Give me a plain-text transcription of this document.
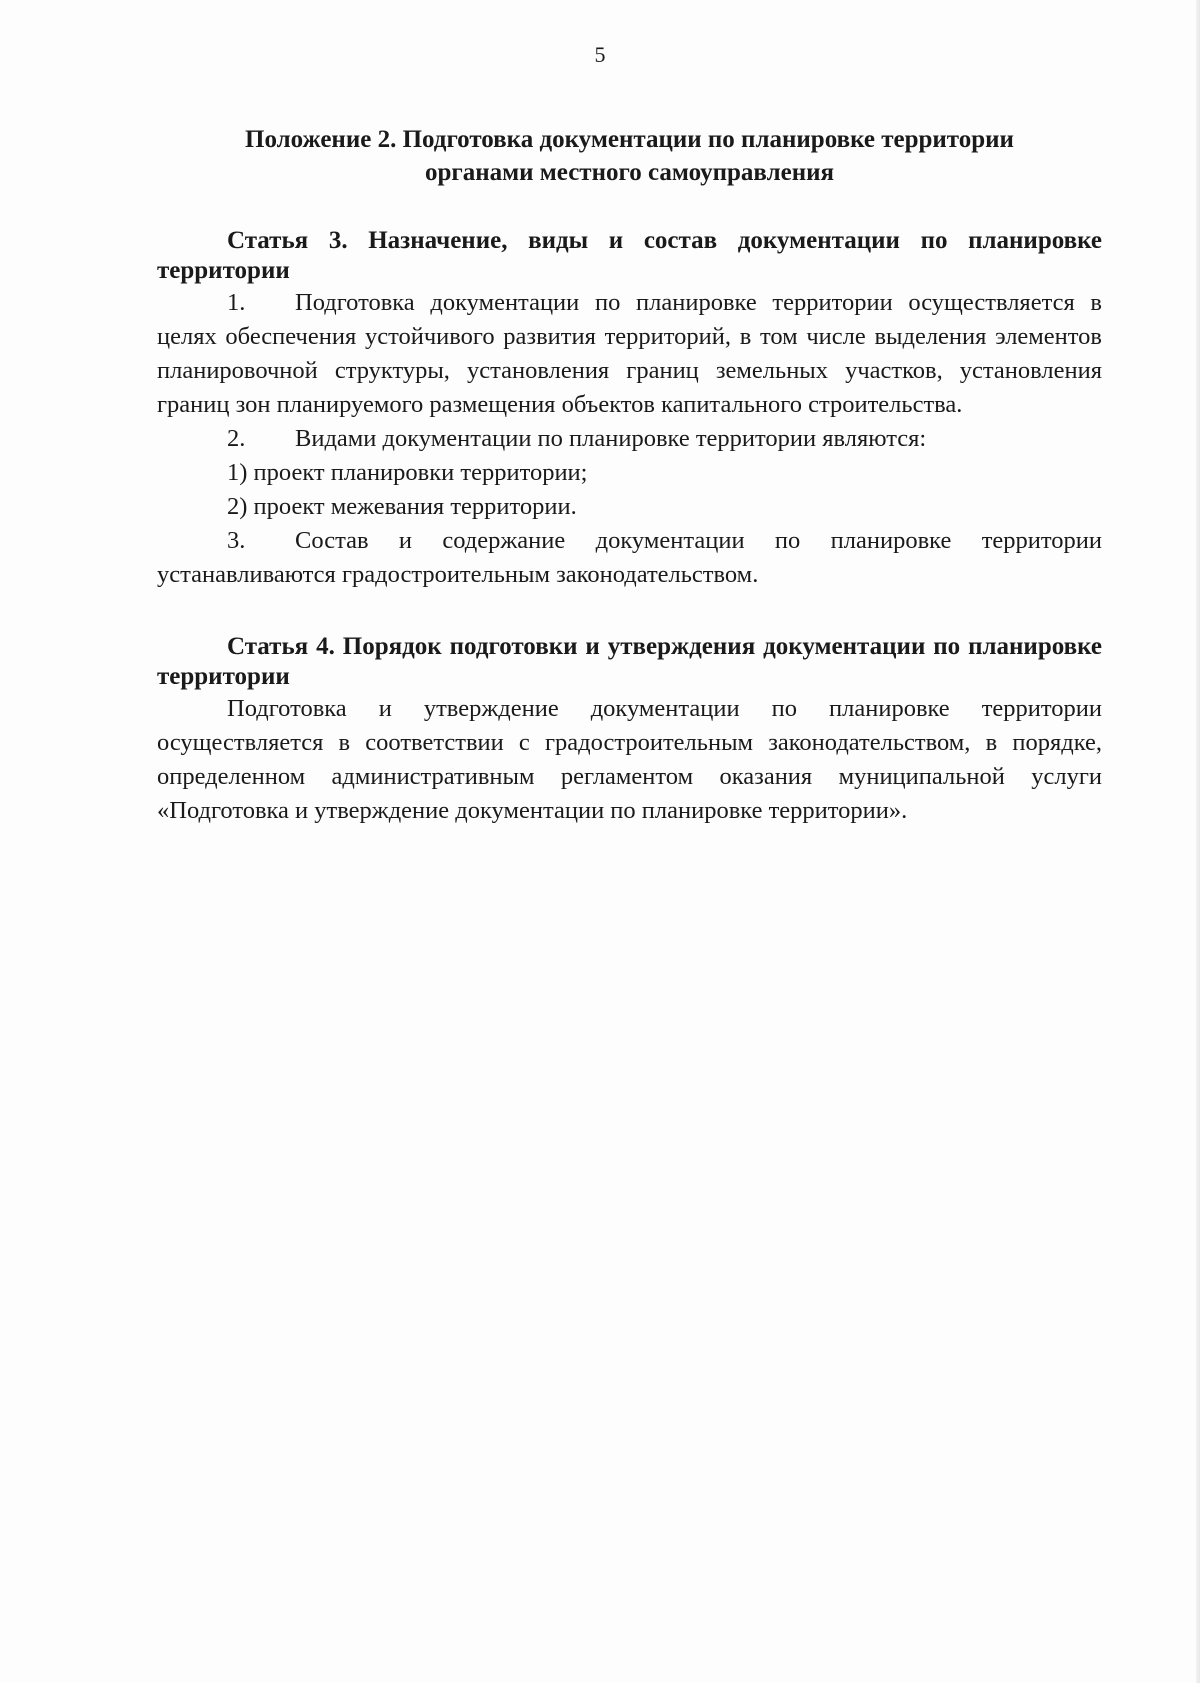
5
Положение 2. Подготовка документации по планировке территории
органами местного самоуправления
Статья 3. Назначение, виды и состав документации по планировке территории

1. Подготовка документации по планировке территории осуществляется в целях обеспечения устойчивого развития территорий, в том числе выделения элементов планировочной структуры, установления границ земельных участков, установления границ зон планируемого размещения объектов капитального строительства.

2. Видами документации по планировке территории являются:

1) проект планировки территории;

2) проект межевания территории.

3. Состав и содержание документации по планировке территории устанавливаются градостроительным законодательством.

Статья 4. Порядок подготовки и утверждения документации по планировке территории

Подготовка и утверждение документации по планировке территории осуществляется в соответствии с градостроительным законодательством, в порядке, определенном административным регламентом оказания муниципальной услуги «Подготовка и утверждение документации по планировке территории».
